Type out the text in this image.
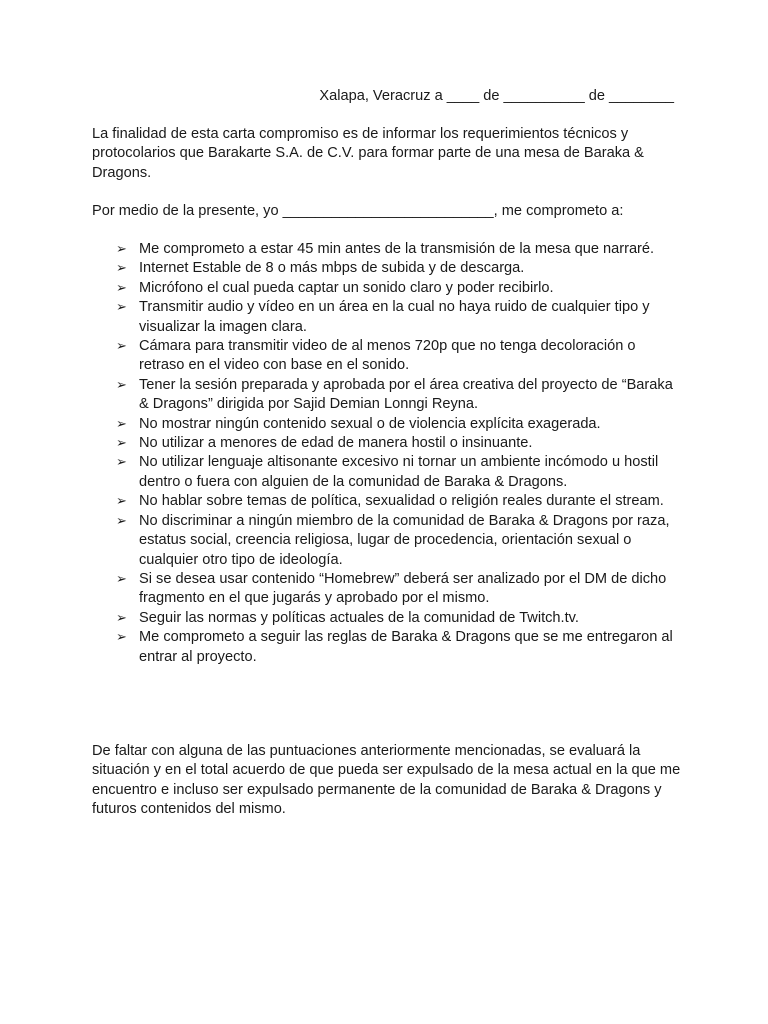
Xalapa, Veracruz a ____ de __________ de ________
La finalidad de esta carta compromiso es de informar los requerimientos técnicos y protocolarios que Barakarte S.A. de C.V. para formar parte de una mesa de Baraka & Dragons.
Por medio de la presente, yo __________________________, me comprometo a:
➢ Me comprometo a estar 45 min antes de la transmisión de la mesa que narraré.
➢ Internet Estable de 8 o más mbps de subida y de descarga.
➢ Micrófono el cual pueda captar un sonido claro y poder recibirlo.
➢ Transmitir audio y vídeo en un área en la cual no haya ruido de cualquier tipo y visualizar la imagen clara.
➢ Cámara para transmitir video de al menos 720p que no tenga decoloración o retraso en el video con base en el sonido.
➢ Tener la sesión preparada y aprobada por el área creativa del proyecto de “Baraka & Dragons” dirigida por Sajid Demian Lonngi Reyna.
➢ No mostrar ningún contenido sexual o de violencia explícita exagerada.
➢ No utilizar a menores de edad de manera hostil o insinuante.
➢ No utilizar lenguaje altisonante excesivo ni tornar un ambiente incómodo u hostil dentro o fuera con alguien de la comunidad de Baraka & Dragons.
➢ No hablar sobre temas de política, sexualidad o religión reales durante el stream.
➢ No discriminar a ningún miembro de la comunidad de Baraka & Dragons por raza, estatus social, creencia religiosa, lugar de procedencia, orientación sexual o cualquier otro tipo de ideología.
➢ Si se desea usar contenido “Homebrew” deberá ser analizado por el DM de dicho fragmento en el que jugarás y aprobado por el mismo.
➢ Seguir las normas y políticas actuales de la comunidad de Twitch.tv.
➢ Me comprometo a seguir las reglas de Baraka & Dragons que se me entregaron al entrar al proyecto.
De faltar con alguna de las puntuaciones anteriormente mencionadas, se evaluará la situación y en el total acuerdo de que pueda ser expulsado de la mesa actual en la que me encuentro e incluso ser expulsado permanente de la comunidad de Baraka & Dragons y futuros contenidos del mismo.
